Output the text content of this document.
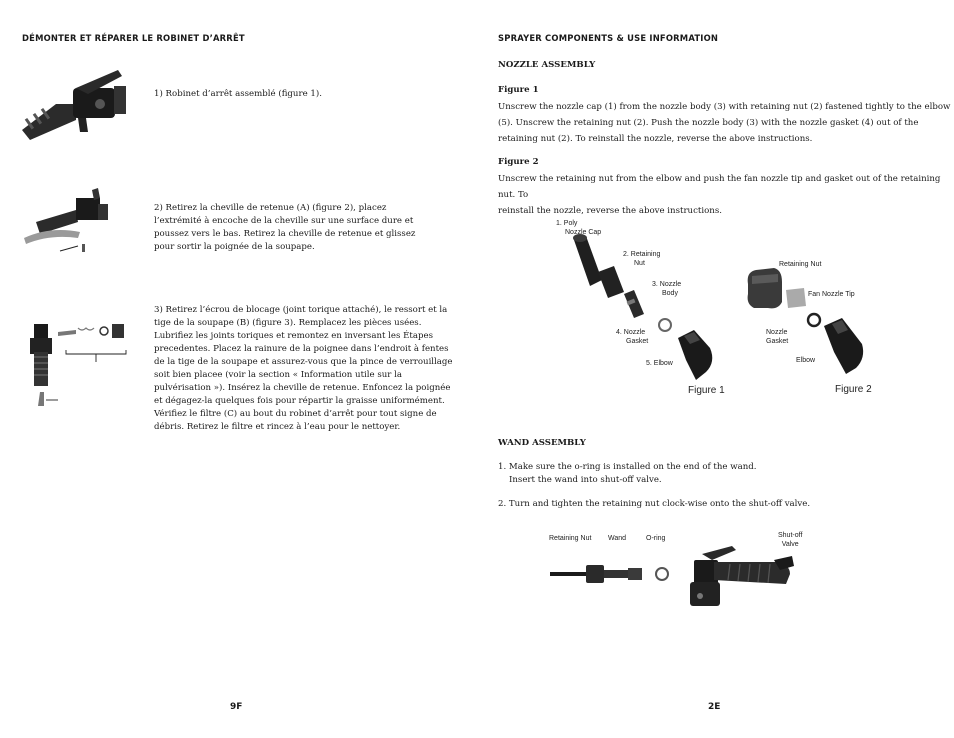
DÉMONTER ET RÉPARER LE ROBINET D’ARRÊT
1) Robinet d’arrêt assemblé (figure 1).
2) Retirez la cheville de retenue (A) (figure 2), placez
l’extrémité à encoche de la cheville sur une surface dure et
poussez vers le bas. Retirez la cheville de retenue et glissez
pour sortir la poignée de la soupape.
3) Retirez l’écrou de blocage (joint torique attaché), le ressort et la
tige de la soupape (B) (figure 3). Remplacez les pièces usées.
Lubrifiez les joints toriques et remontez en inversant les Étapes
precedentes. Placez la rainure de la poignee dans l’endroit à fentes
de la tige de la soupape et assurez-vous que la pince de verrouillage
soit bien placee (voir la section « Information utile sur la
pulvérisation »). Insérez la cheville de retenue. Enfoncez la poignée
et dégagez-la quelques fois pour répartir la graisse uniformément.
Vérifiez le filtre (C) au bout du robinet d’arrêt pour tout signe de
débris. Retirez le filtre et rincez à l’eau pour le nettoyer.
9F
SPRAYER COMPONENTS & USE INFORMATION
NOZZLE ASSEMBLY
Figure 1
Unscrew the nozzle cap (1) from the nozzle body (3) with retaining nut (2) fastened tightly to the elbow
(5). Unscrew the retaining nut (2). Push the nozzle body (3) with the nozzle gasket (4) out of the
retaining nut (2). To reinstall the nozzle, reverse the above instructions.
Figure 2
Unscrew the retaining nut from the elbow and push the fan nozzle tip and gasket out of the retaining nut. To
reinstall the nozzle, reverse the above instructions.
1. Poly
Nozzle Cap
2. Retaining
Nut
3. Nozzle
Body
4. Nozzle
Gasket
5. Elbow
Figure 1
Retaining Nut
Fan Nozzle Tip
Nozzle
Gasket
Elbow
Figure 2
WAND ASSEMBLY
1. Make sure the o-ring is installed on the end of the wand.
Insert the wand into shut-off valve.
2. Turn and tighten the retaining nut clock-wise onto the shut-off valve.
Retaining Nut Wand	O-ring	Shut-off
Valve
2E
